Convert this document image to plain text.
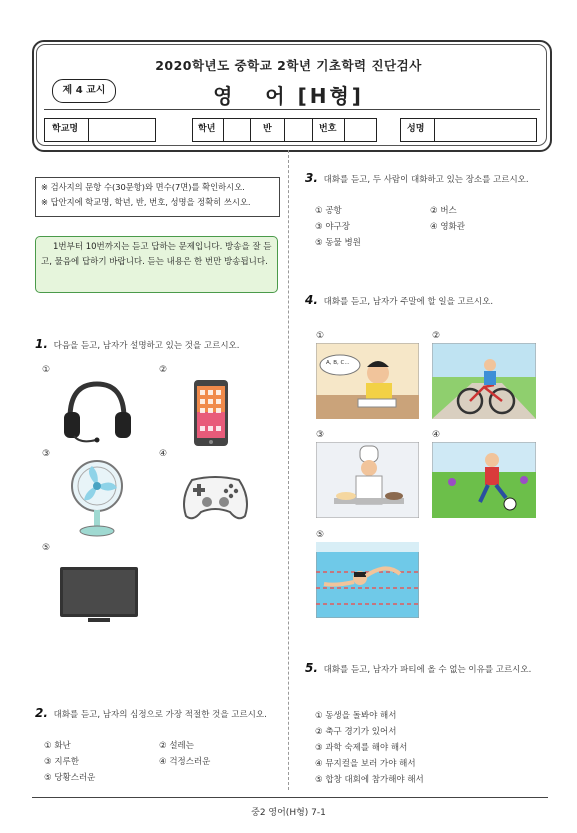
2020학년도 중학교 2학년 기초학력 진단검사
제 4 교시	영   어 [H형]
학교명	학년	반	번호	성명
※ 검사지의 문항 수(30문항)와 면수(7면)를 확인하시오.
※ 답안지에 학교명, 학년, 반, 번호, 성명을 정확히 쓰시오.
1번부터 10번까지는 듣고 답하는 문제입니다. 방송을 잘 듣고, 물음에 답하기 바랍니다. 듣는 내용은 한 번만 방송됩니다.
1. 다음을 듣고, 남자가 설명하고 있는 것을 고르시오.
①	②
③	④
⑤
2. 대화를 듣고, 남자의 심정으로 가장 적절한 것을 고르시오.
① 화난	② 설레는
③ 지루한	④ 걱정스러운
⑤ 당황스러운
3. 대화를 듣고, 두 사람이 대화하고 있는 장소를 고르시오.
① 공항	② 버스
③ 야구장	④ 영화관
⑤ 동물 병원
4. 대화를 듣고, 남자가 주말에 할 일을 고르시오.
①	②
③	④
⑤
A, B, C...
5. 대화를 듣고, 남자가 파티에 올 수 없는 이유를 고르시오.
① 동생을 돌봐야 해서
② 축구 경기가 있어서
③ 과학 숙제를 해야 해서
④ 뮤지컬을 보러 가야 해서
⑤ 합창 대회에 참가해야 해서
중2 영어(H형) 7-1
